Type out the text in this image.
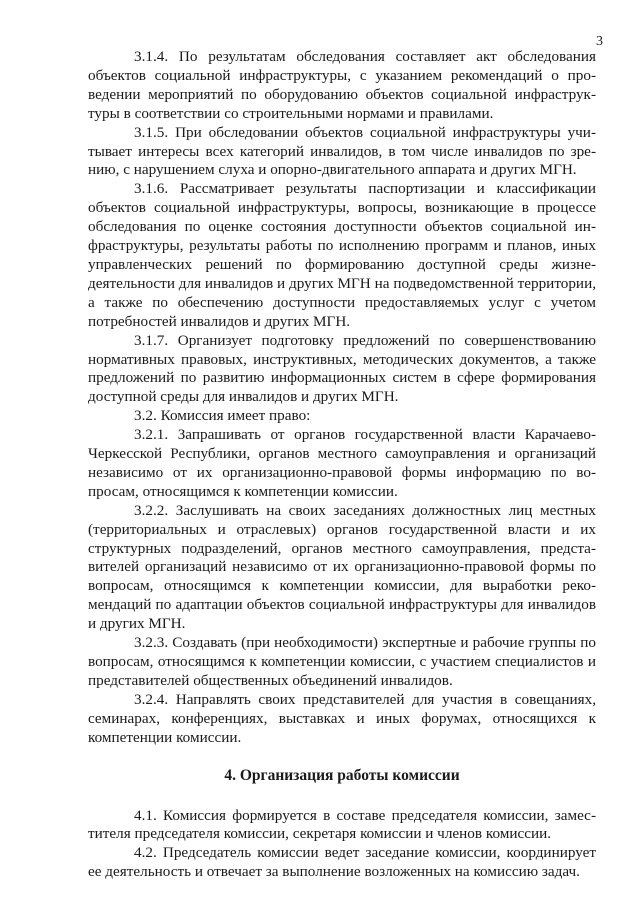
3

3.1.4. По результатам обследования составляет акт обследования объектов социальной инфраструктуры, с указанием рекомендаций о проведении мероприятий по оборудованию объектов социальной инфраструктуры в соответствии со строительными нормами и правилами.

3.1.5. При обследовании объектов социальной инфраструктуры учитывает интересы всех категорий инвалидов, в том числе инвалидов по зрению, с нарушением слуха и опорно-двигательного аппарата и других МГН.

3.1.6. Рассматривает результаты паспортизации и классификации объектов социальной инфраструктуры, вопросы, возникающие в процессе обследования по оценке состояния доступности объектов социальной инфраструктуры, результаты работы по исполнению программ и планов, иных управленческих решений по формированию доступной среды жизнедеятельности для инвалидов и других МГН на подведомственной территории, а также по обеспечению доступности предоставляемых услуг с учетом потребностей инвалидов и других МГН.

3.1.7. Организует подготовку предложений по совершенствованию нормативных правовых, инструктивных, методических документов, а также предложений по развитию информационных систем в сфере формирования доступной среды для инвалидов и других МГН.

3.2. Комиссия имеет право:

3.2.1. Запрашивать от органов государственной власти Карачаево-Черкесской Республики, органов местного самоуправления и организаций независимо от их организационно-правовой формы информацию по вопросам, относящимся к компетенции комиссии.

3.2.2. Заслушивать на своих заседаниях должностных лиц местных (территориальных и отраслевых) органов государственной власти и их структурных подразделений, органов местного самоуправления, представителей организаций независимо от их организационно-правовой формы по вопросам, относящимся к компетенции комиссии, для выработки рекомендаций по адаптации объектов социальной инфраструктуры для инвалидов и других МГН.

3.2.3. Создавать (при необходимости) экспертные и рабочие группы по вопросам, относящимся к компетенции комиссии, с участием специалистов и представителей общественных объединений инвалидов.

3.2.4. Направлять своих представителей для участия в совещаниях, семинарах, конференциях, выставках и иных форумах, относящихся к компетенции комиссии.

4. Организация работы комиссии

4.1. Комиссия формируется в составе председателя комиссии, заместителя председателя комиссии, секретаря комиссии и членов комиссии.

4.2. Председатель комиссии ведет заседание комиссии, координирует ее деятельность и отвечает за выполнение возложенных на комиссию задач.
